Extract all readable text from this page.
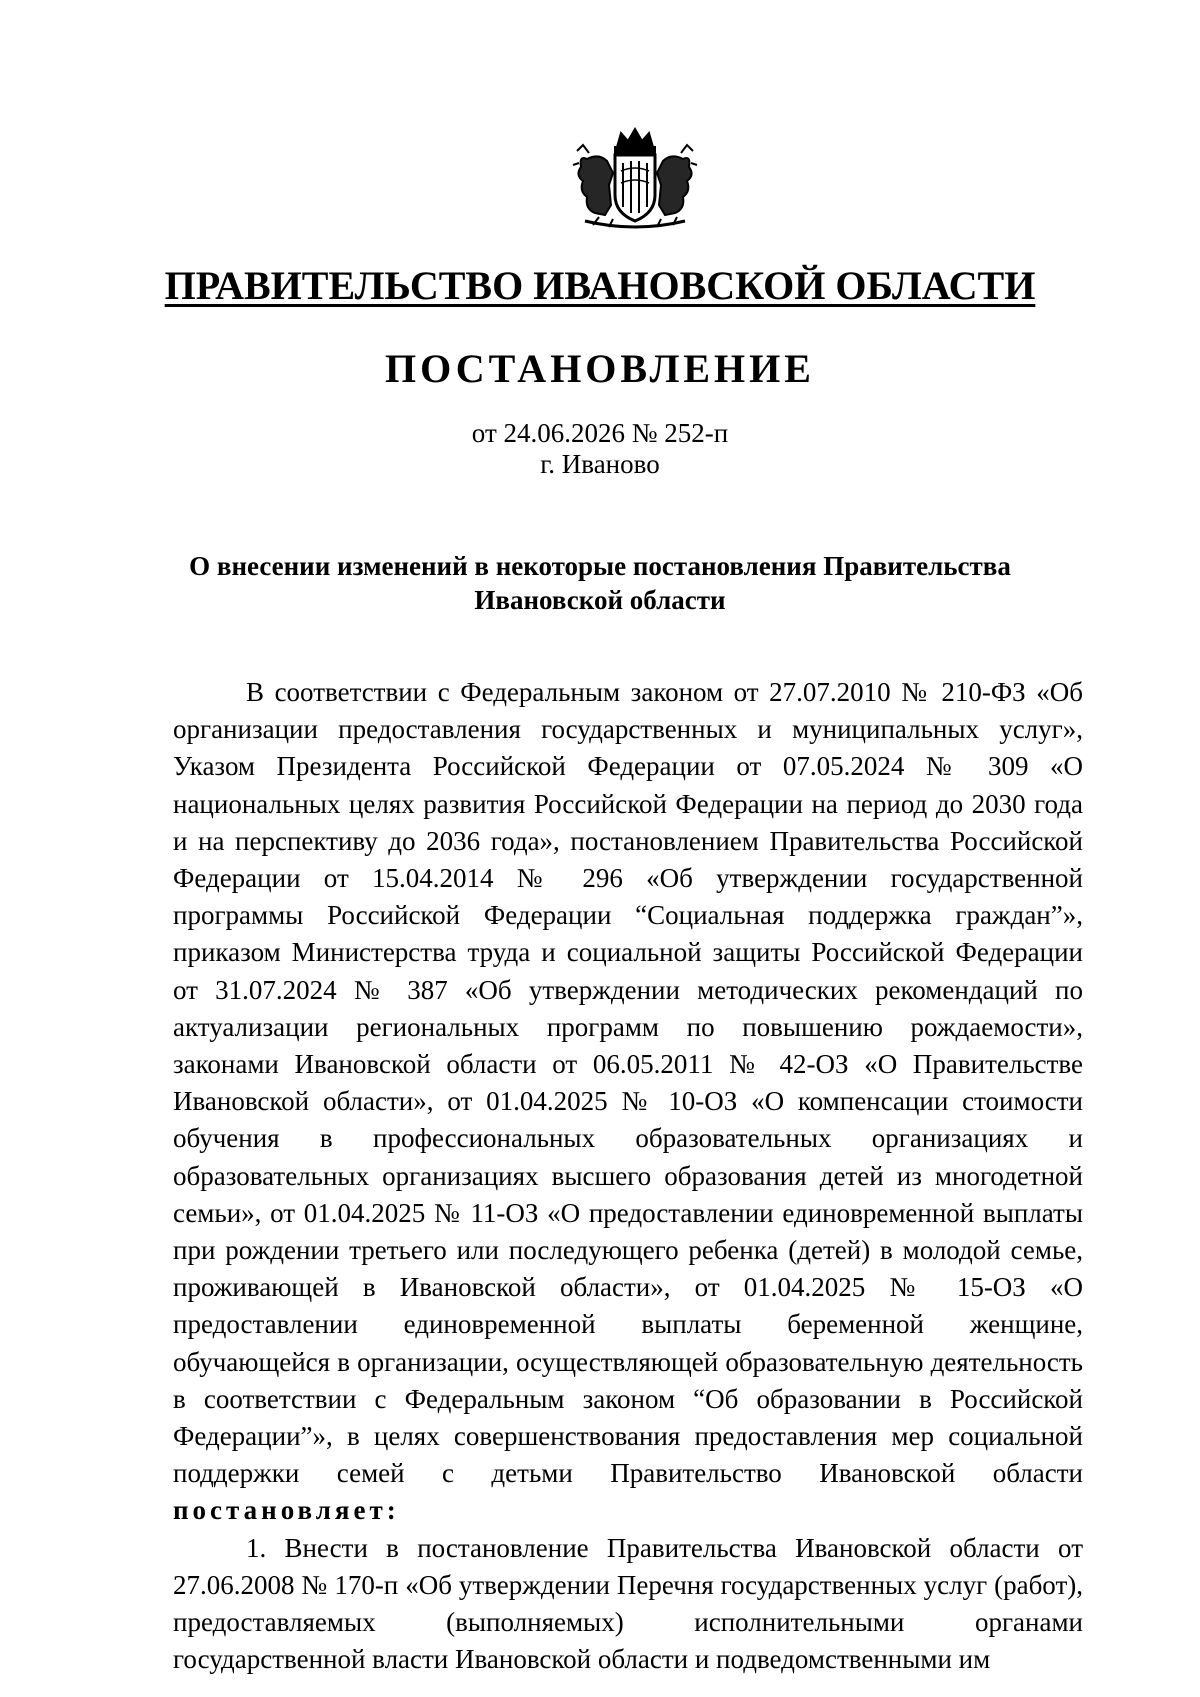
ПРАВИТЕЛЬСТВО ИВАНОВСКОЙ ОБЛАСТИ
ПОСТАНОВЛЕНИЕ
от 24.06.2026 № 252-п
г. Иваново
О внесении изменений в некоторые постановления Правительства
Ивановской области

В соответствии с Федеральным законом от 27.07.2010 № 210-ФЗ «Об организации предоставления государственных и муниципальных услуг», Указом Президента Российской Федерации от 07.05.2024 № 309 «О национальных целях развития Российской Федерации на период до 2030 года и на перспективу до 2036 года», постановлением Правительства Российской Федерации от 15.04.2014 № 296 «Об утверждении государственной программы Российской Федерации “Социальная поддержка граждан”», приказом Министерства труда и социальной защиты Российской Федерации от 31.07.2024 № 387 «Об утверждении методических рекомендаций по актуализации региональных программ по повышению рождаемости», законами Ивановской области от 06.05.2011 № 42-ОЗ «О Правительстве Ивановской области», от 01.04.2025 № 10-ОЗ «О компенсации стоимости обучения в профессиональных образовательных организациях и образовательных организациях высшего образования детей из многодетной семьи», от 01.04.2025 № 11-ОЗ «О предоставлении единовременной выплаты при рождении третьего или последующего ребенка (детей) в молодой семье, проживающей в Ивановской области», от 01.04.2025 № 15-ОЗ «О предоставлении единовременной выплаты беременной женщине, обучающейся в организации, осуществляющей образовательную деятельность в соответствии с Федеральным законом “Об образовании в Российской Федерации”», в целях совершенствования предоставления мер социальной поддержки семей с детьми Правительство Ивановской области постановляет:

1. Внести в постановление Правительства Ивановской области от 27.06.2008 № 170-п «Об утверждении Перечня государственных услуг (работ), предоставляемых (выполняемых) исполнительными органами государственной власти Ивановской области и подведомственными им
